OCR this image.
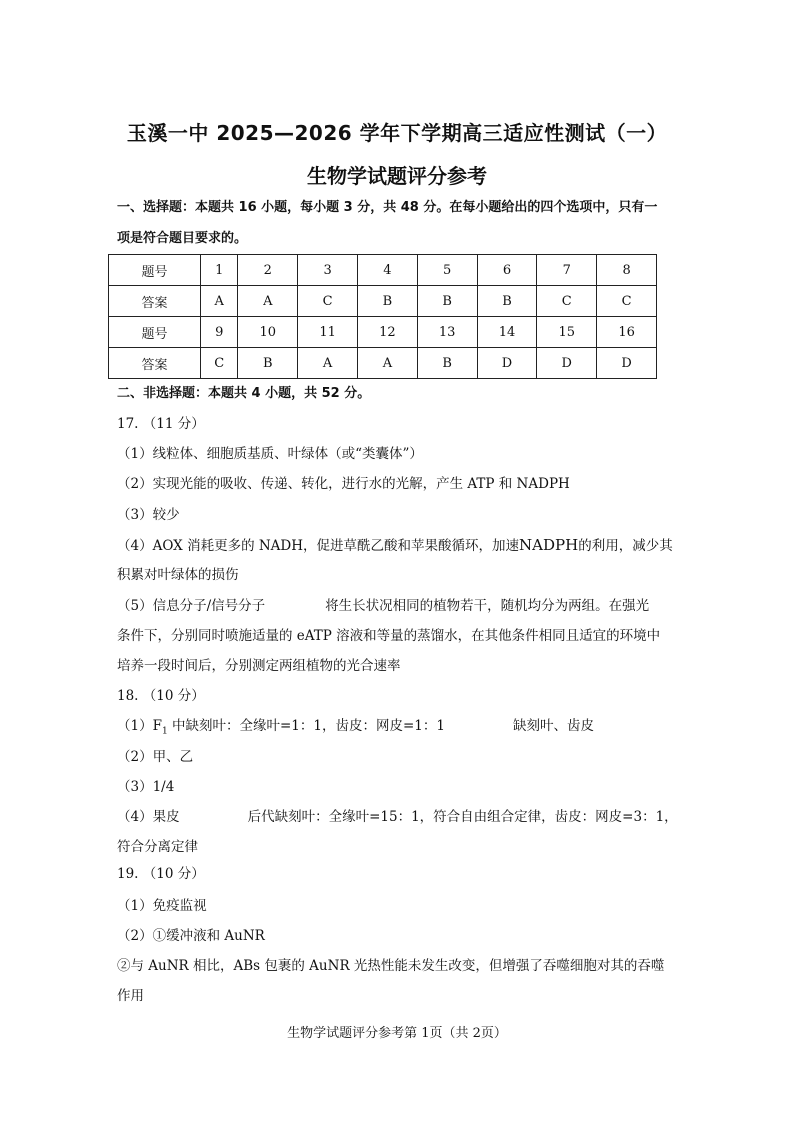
玉溪一中 2025—2026 学年下学期高三适应性测试（一）
生物学试题评分参考
一、选择题：本题共 16 小题，每小题 3 分，共 48 分。在每小题给出的四个选项中，只有一
项是符合题目要求的。
题号	1	2	3	4	5	6	7	8
答案	A	A	C	B	B	B	C	C
题号	9	10	11	12	13	14	15	16
答案	C	B	A	A	B	D	D	D
二、非选择题：本题共 4 小题，共 52 分。
17. （11 分）
（1）线粒体、细胞质基质、叶绿体（或“类囊体”）
（2）实现光能的吸收、传递、转化，进行水的光解，产生 ATP 和 NADPH
（3）较少
（4）AOX 消耗更多的 NADH，促进草酰乙酸和苹果酸循环，加速NADPH的利用，减少其
积累对叶绿体的损伤
（5）信息分子/信号分子	将生长状况相同的植物若干，随机均分为两组。在强光
条件下，分别同时喷施适量的 eATP 溶液和等量的蒸馏水，在其他条件相同且适宜的环境中
培养一段时间后，分别测定两组植物的光合速率
18. （10 分）
$(1)F_1$ 中缺刻叶：全缘叶=1：1，齿皮：网皮=1：1	缺刻叶、齿皮
（2）甲、乙
（3）1/4
（4）果皮	后代缺刻叶：全缘叶=15：1，符合自由组合定律，齿皮：网皮=3：1，
符合分离定律
19. （10 分）
（1）免疫监视
（2）①缓冲液和 AuNR
②与 AuNR 相比，ABs 包裹的 AuNR 光热性能未发生改变，但增强了吞噬细胞对其的吞噬
作用
生物学试题评分参考第 1页（共 2页）
